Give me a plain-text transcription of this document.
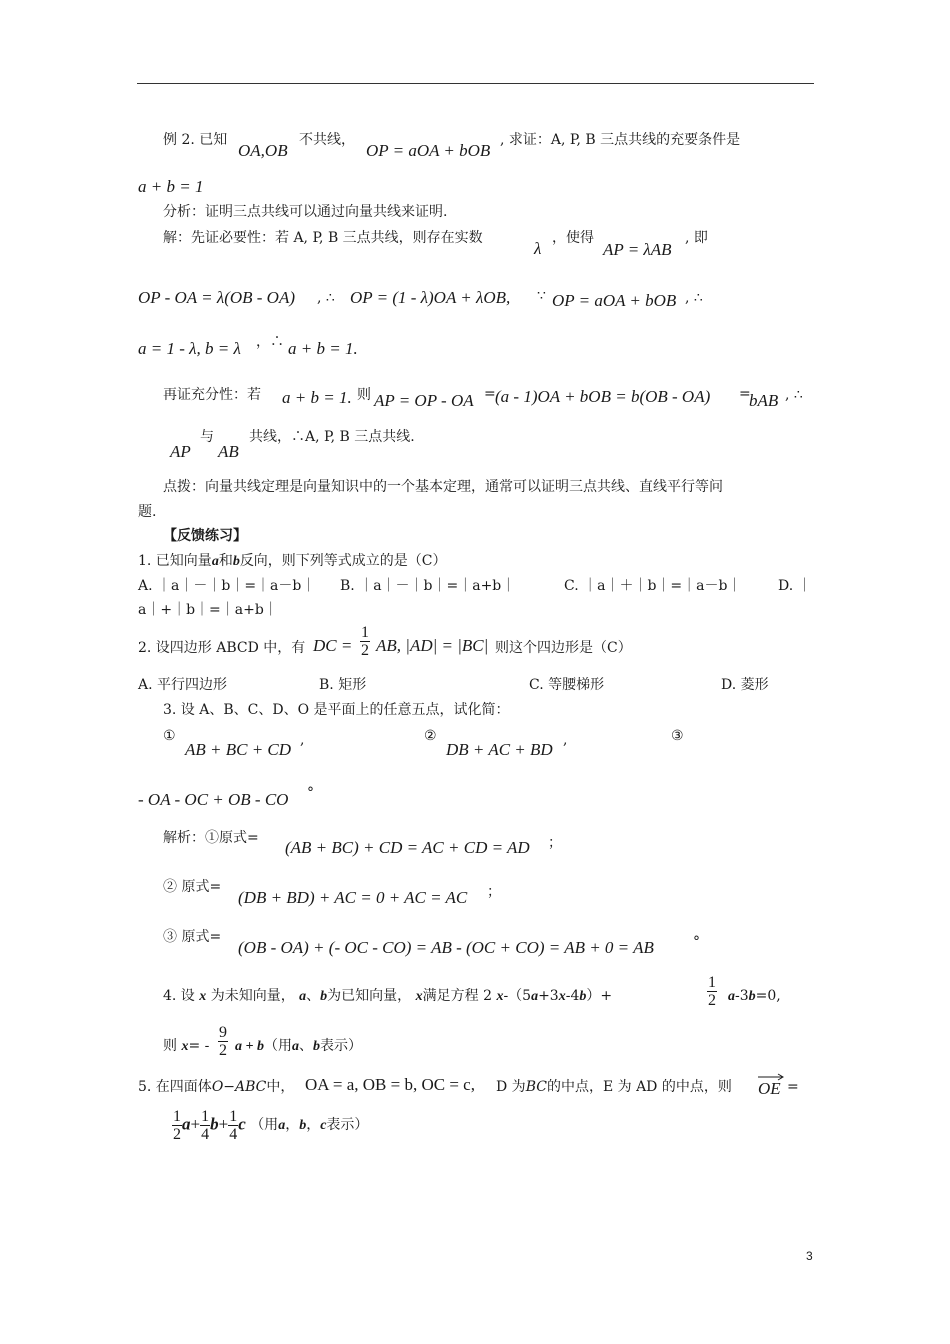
例 2. 已知
OA,OB
不共线，
OP = aOA + bOB
, 求证：A, P, B 三点共线的充要条件是
a + b = 1
分析：证明三点共线可以通过向量共线来证明.
解：先证必要性：若 A, P, B 三点共线，则存在实数
λ
，使得
AP = λAB
, 即
OP - OA = λ(OB - OA) , ∴ OP = (1 - λ)OA + λOB, ∵ OP = aOA + bOB , ∴
a = 1 - λ, b = λ ，∴ a + b = 1.
再证充分性：若 a + b = 1. 则 AP = OP - OA = (a - 1)OA + bOB = b(OB - OA) =
bAB , ∴
AP
与
AB
共线，∴A, P, B 三点共线.
点拨：向量共线定理是向量知识中的一个基本定理，通常可以证明三点共线、直线平行等问
题.
【反馈练习】
1. 已知向量a和b反向，则下列等式成立的是（C）
A. ｜a｜－｜b｜=｜a－b｜ B. ｜a｜－｜b｜=｜a+b｜	C. ｜a｜＋｜b｜=｜a－b｜	D. ｜
a｜+｜b｜=｜a+b｜
2. 设四边形 ABCD 中，有 DC = $\frac{1}{2}$ AB, |AD| = |BC| 则这个四边形是（C）
A. 平行四边形	B. 矩形	C. 等腰梯形	D. 菱形
3. 设 A、B、C、D、O 是平面上的任意五点，试化简：
①
AB + BC + CD ,	②
DB + AC + BD ,	③
- OA - OC + OB - CO °
解析：①原式= (AB + BC) + CD = AC + CD = AD ；
② 原式=
(DB + BD) + AC = 0 + AC = AC ；
③ 原式=
(OB - OA) + (- OC - CO) = AB - (OC + CO) = AB + 0 = AB	°
4. 设 x 为未知向量， a、b为已知向量， x满足方程 2 x-（5a+3x-4b）+	$\frac{1}{2} a-3b=0$,
则 $x= - \frac{9}{2}$ a + b（用a、b表示）
5. 在四面体O−ABC中， OA = a, OB = b, OC = c, D 为BC的中点，E 为 AD 的中点，则 OE =
$\frac{1}{2} a+ \frac{1}{4} b+ \frac{1}{4}$ c （用a，b，c表示）
3
